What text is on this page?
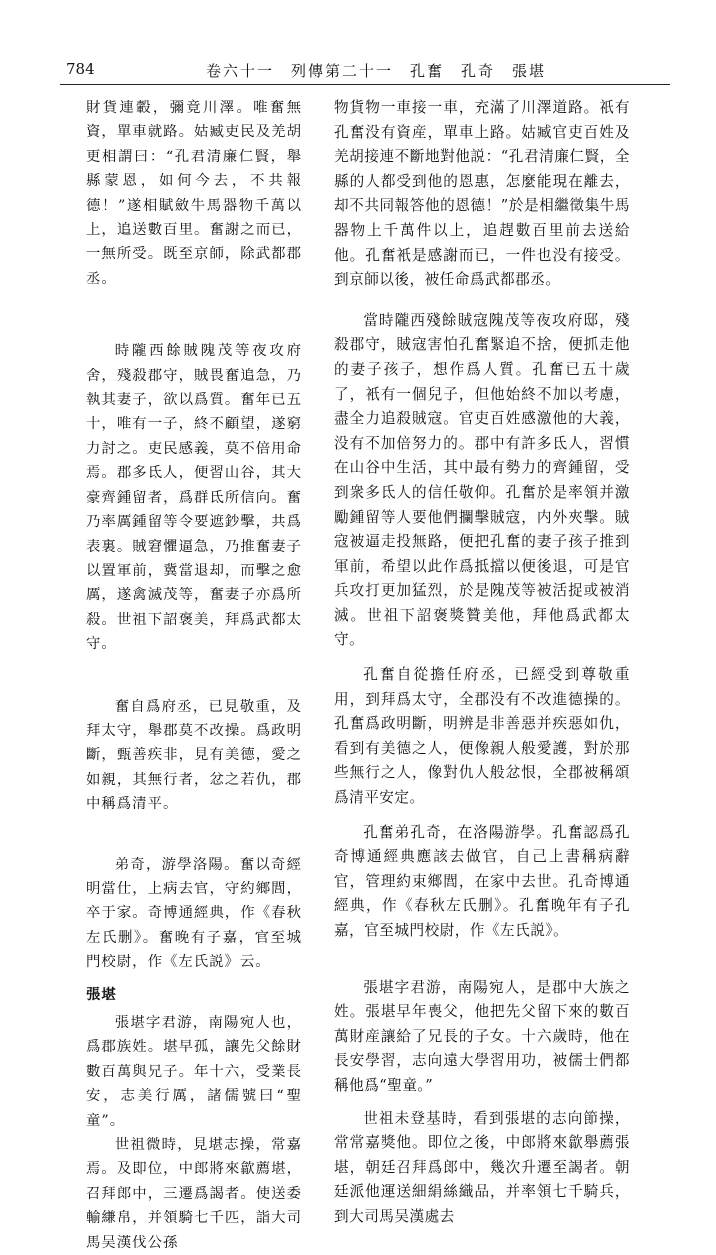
784	卷六十一　列傳第二十一　孔奮　孔奇　張堪

財貨連轂，彌竟川澤。唯奮無資，單車就路。姑臧吏民及羌胡更相謂曰：“孔君清廉仁賢，舉縣蒙恩，如何今去，不共報德！”遂相賦斂牛馬器物千萬以上，追送數百里。奮謝之而已，一無所受。既至京師，除武都郡丞。

時隴西餘賊隗茂等夜攻府舍，殘殺郡守，賊畏奮追急，乃執其妻子，欲以爲質。奮年已五十，唯有一子，終不顧望，遂窮力討之。吏民感義，莫不倍用命焉。郡多氐人，便習山谷，其大豪齊鍾留者，爲群氐所信向。奮乃率厲鍾留等令要遮鈔擊，共爲表裏。賊窘懼逼急，乃推奮妻子以置軍前，冀當退却，而擊之愈厲，遂禽滅茂等，奮妻子亦爲所殺。世祖下詔褒美，拜爲武都太守。

奮自爲府丞，已見敬重，及拜太守，舉郡莫不改操。爲政明斷，甄善疾非，見有美德，愛之如親，其無行者，忿之若仇，郡中稱爲清平。

弟奇，游學洛陽。奮以奇經明當仕，上病去官，守約鄉閭，卒于家。奇博通經典，作《春秋左氏删》。奮晚有子嘉，官至城門校尉，作《左氏説》云。

張堪

張堪字君游，南陽宛人也，爲郡族姓。堪早孤，讓先父餘財數百萬與兄子。年十六，受業長安，志美行厲，諸儒號曰“聖童”。

世祖微時，見堪志操，常嘉焉。及即位，中郎將來歙薦堪，召拜郎中，三遷爲謁者。使送委輸縑帛，并領騎七千匹，詣大司馬吴漢伐公孫

物貨物一車接一車，充滿了川澤道路。祇有孔奮没有資産，單車上路。姑臧官吏百姓及羌胡接連不斷地對他説：“孔君清廉仁賢，全縣的人都受到他的恩惠，怎麼能現在離去，却不共同報答他的恩德！”於是相繼徵集牛馬器物上千萬件以上，追趕數百里前去送給他。孔奮衹是感謝而已，一件也没有接受。到京師以後，被任命爲武都郡丞。

當時隴西殘餘賊寇隗茂等夜攻府邸，殘殺郡守，賊寇害怕孔奮緊追不捨，便抓走他的妻子孩子，想作爲人質。孔奮已五十歲了，衹有一個兒子，但他始終不加以考慮，盡全力追殺賊寇。官吏百姓感激他的大義，没有不加倍努力的。郡中有許多氐人，習慣在山谷中生活，其中最有勢力的齊鍾留，受到衆多氐人的信任敬仰。孔奮於是率領并激勵鍾留等人要他們攔擊賊寇，内外夾擊。賊寇被逼走投無路，便把孔奮的妻子孩子推到軍前，希望以此作爲抵擋以便後退，可是官兵攻打更加猛烈，於是隗茂等被活捉或被消滅。世祖下詔褒獎贊美他，拜他爲武都太守。

孔奮自從擔任府丞，已經受到尊敬重用，到拜爲太守，全郡没有不改進德操的。孔奮爲政明斷，明辨是非善惡并疾惡如仇，看到有美德之人，便像親人般愛護，對於那些無行之人，像對仇人般忿恨，全郡被稱頌爲清平安定。

孔奮弟孔奇，在洛陽游學。孔奮認爲孔奇博通經典應該去做官，自己上書稱病辭官，管理約束鄉閭，在家中去世。孔奇博通經典，作《春秋左氏删》。孔奮晚年有子孔嘉，官至城門校尉，作《左氏説》。

張堪字君游，南陽宛人，是郡中大族之姓。張堪早年喪父，他把先父留下來的數百萬財産讓給了兄長的子女。十六歲時，他在長安學習，志向遠大學習用功，被儒士們都稱他爲“聖童。”

世祖未登基時，看到張堪的志向節操，常常嘉獎他。即位之後，中郎將來歙舉薦張堪，朝廷召拜爲郎中，幾次升遷至謁者。朝廷派他運送細絹絲織品，并率領七千騎兵，到大司馬吴漢處去
